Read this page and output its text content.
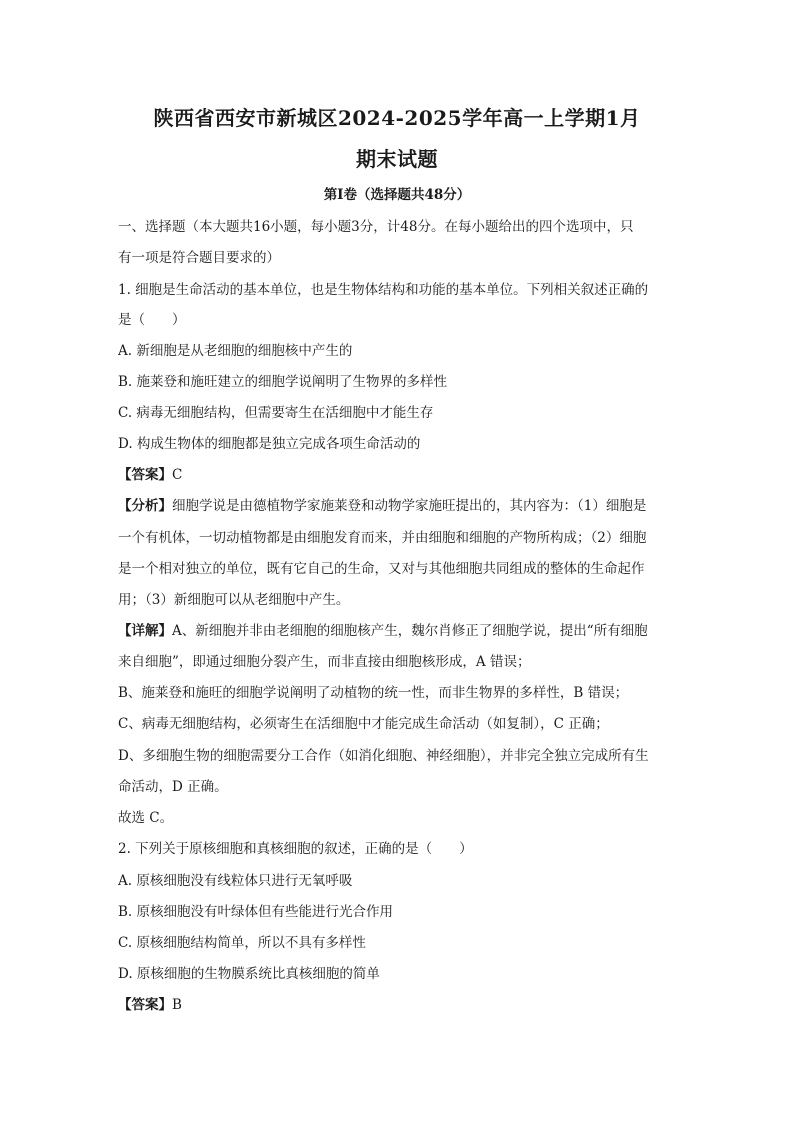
陕西省西安市新城区2024-2025学年高一上学期1月
期末试题
第I卷（选择题共48分）
一、选择题（本大题共16小题，每小题3分，计48分。在每小题给出的四个选项中，只
有一项是符合题目要求的）
1. 细胞是生命活动的基本单位，也是生物体结构和功能的基本单位。下列相关叙述正确的
是（　　）
A. 新细胞是从老细胞的细胞核中产生的
B. 施莱登和施旺建立的细胞学说阐明了生物界的多样性
C. 病毒无细胞结构，但需要寄生在活细胞中才能生存
D. 构成生物体的细胞都是独立完成各项生命活动的
【答案】C
【分析】细胞学说是由德植物学家施莱登和动物学家施旺提出的，其内容为：（1）细胞是
一个有机体，一切动植物都是由细胞发育而来，并由细胞和细胞的产物所构成；（2）细胞
是一个相对独立的单位，既有它自己的生命，又对与其他细胞共同组成的整体的生命起作
用；（3）新细胞可以从老细胞中产生。
【详解】A、新细胞并非由老细胞的细胞核产生，魏尔肖修正了细胞学说，提出“所有细胞
来自细胞”，即通过细胞分裂产生，而非直接由细胞核形成，A 错误；
B、施莱登和施旺的细胞学说阐明了动植物的统一性，而非生物界的多样性，B 错误；
C、病毒无细胞结构，必须寄生在活细胞中才能完成生命活动（如复制），C 正确；
D、多细胞生物的细胞需要分工合作（如消化细胞、神经细胞），并非完全独立完成所有生
命活动，D 正确。
故选 C。
2. 下列关于原核细胞和真核细胞的叙述，正确的是（　　）
A. 原核细胞没有线粒体只进行无氧呼吸
B. 原核细胞没有叶绿体但有些能进行光合作用
C. 原核细胞结构简单，所以不具有多样性
D. 原核细胞的生物膜系统比真核细胞的简单
【答案】B
